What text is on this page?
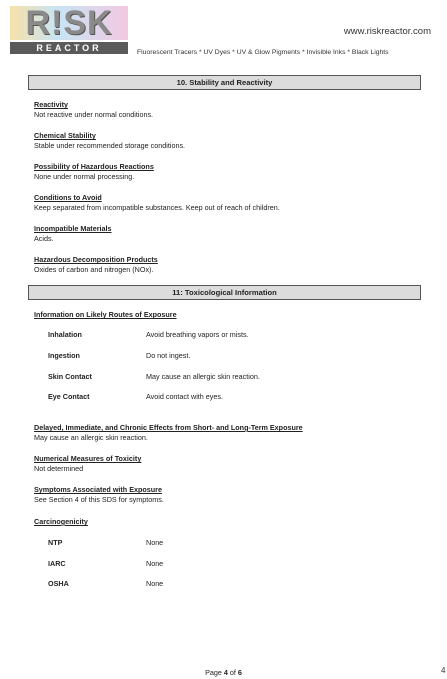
R!SK
REACTOR
www.riskreactor.com
Fluorescent Tracers * UV Dyes * UV & Glow Pigments * Invisible Inks * Black Lights
10. Stability and Reactivity
Reactivity
Not reactive under normal conditions.
Chemical Stability
Stable under recommended storage conditions.
Possibility of Hazardous Reactions
None under normal processing.
Conditions to Avoid
Keep separated from incompatible substances. Keep out of reach of children.
Incompatible Materials
Acids.
Hazardous Decomposition Products
Oxides of carbon and nitrogen (NOx).
11: Toxicological Information
Information on Likely Routes of Exposure
Inhalation	Avoid breathing vapors or mists.
Ingestion	Do not ingest.
Skin Contact	May cause an allergic skin reaction.
Eye Contact	Avoid contact with eyes.
Delayed, Immediate, and Chronic Effects from Short- and Long-Term Exposure
May cause an allergic skin reaction.
Numerical Measures of Toxicity
Not determined
Symptoms Associated with Exposure
See Section 4 of this SDS for symptoms.
Carcinogenicity
NTP	None
IARC	None
OSHA	None
Page 4 of 6	4
